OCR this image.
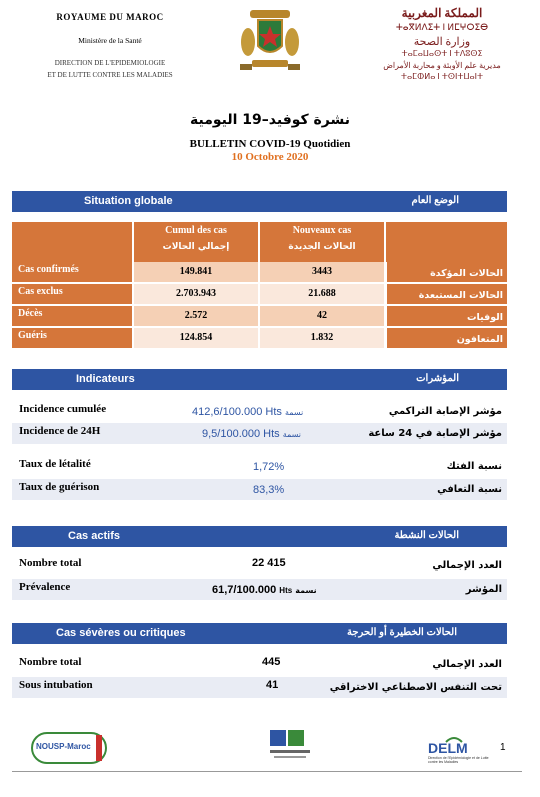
ROYAUME DU MAROC
Ministère de la Santé
DIRECTION DE L'EPIDEMIOLOGIE
ET DE LUTTE CONTRE LES MALADIES
المملكة المغربية
ⵜⴰⴳⵍⴷⵉⵜ ⵏ ⵍⵎⵖⵔⵉⴱ
وزارة الصحة
ⵜⴰⵎⴰⵡⴰⵙⵜ ⵏ ⵜⴷⵓⵙⵉ
مديرية علم الأوبئة و محاربة الأمراض
ⵜⴰⵎⵀⵍⴰ ⵏ ⵜⵙⵏⵜⵡⴰⵏⵜ
نشرة كوفيد–19 اليومية
BULLETIN COVID-19 Quotidien
10 Octobre 2020
Situation globale	الوضع العام
Cumul des cas
إجمالي الحالات
Nouveaux cas
الحالات الجديدة
Cas confirmés	149.841	3443	الحالات المؤكدة
Cas exclus	2.703.943	21.688	الحالات المستبعدة
Décès	2.572	42	الوفيات
Guéris	124.854	1.832	المتعافون
Indicateurs	المؤشرات
Incidence cumulée	412,6/100.000 Hts نسمة	مؤشر الإصابة التراكمي
Incidence de 24H	9,5/100.000 Hts نسمة	مؤشر الإصابة في 24 ساعة
Taux de létalité	1,72%	نسبة الفتك
Taux de guérison	83,3%	نسبة التعافي
Cas actifs	الحالات النشطة
Nombre total	22 415	العدد الإجمالي
Prévalence	61,7/100.000 Hts نسمة	المؤشر
Cas sévères ou critiques	الحالات الخطيرة أو الحرجة
Nombre total	445	العدد الإجمالي
Sous intubation	41	تحت التنفس الاصطناعي الاختراقي
NOUSP-Maroc	DELM
Direction de l'Epidémiologie et de Lutte contre les Maladies
1
